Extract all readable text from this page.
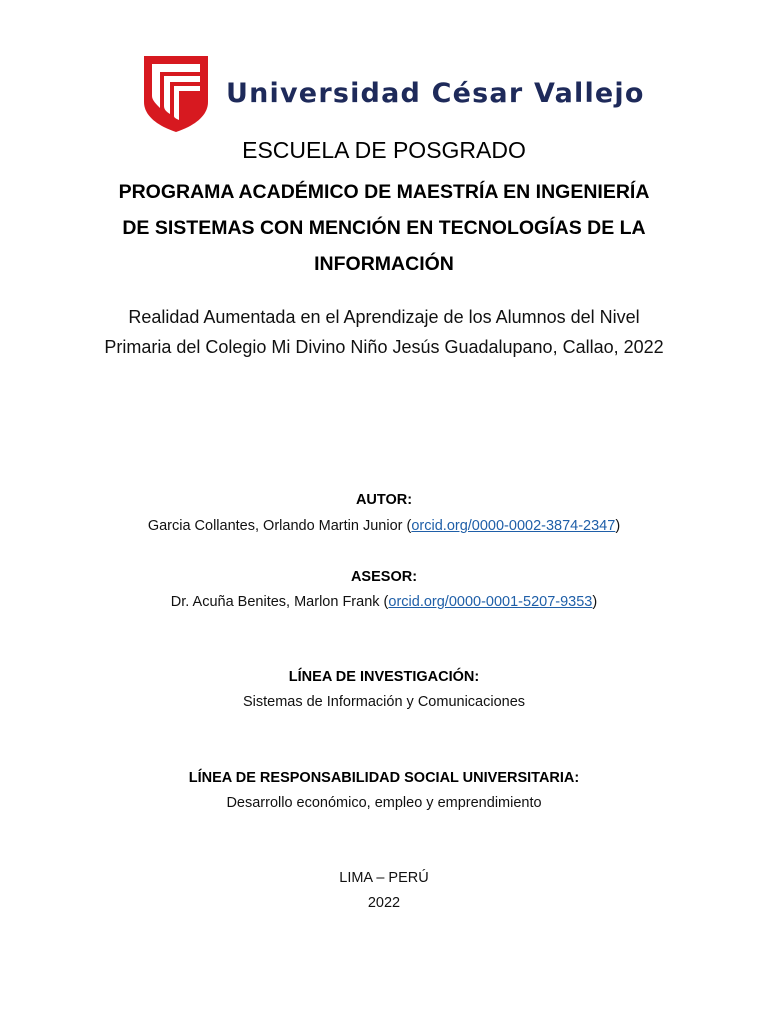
Universidad César Vallejo
ESCUELA DE POSGRADO
PROGRAMA ACADÉMICO DE MAESTRÍA EN INGENIERÍA
DE SISTEMAS CON MENCIÓN EN TECNOLOGÍAS DE LA
INFORMACIÓN
Realidad Aumentada en el Aprendizaje de los Alumnos del Nivel
Primaria del Colegio Mi Divino Niño Jesús Guadalupano, Callao, 2022
AUTOR:
Garcia Collantes, Orlando Martin Junior (orcid.org/0000-0002-3874-2347)
ASESOR:
Dr. Acuña Benites, Marlon Frank (orcid.org/0000-0001-5207-9353)
LÍNEA DE INVESTIGACIÓN:
Sistemas de Información y Comunicaciones
LÍNEA DE RESPONSABILIDAD SOCIAL UNIVERSITARIA:
Desarrollo económico, empleo y emprendimiento
LIMA – PERÚ
2022
